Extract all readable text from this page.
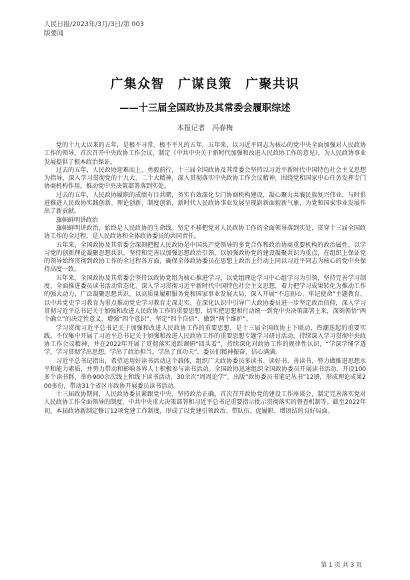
人民日报/2023年/3月/3日/第 003
版要闻
广集众智　广谋良策　广聚共识
——十三届全国政协及其常委会履职综述
本报记者　冯春梅

党的十九大以来的五年，是极不寻常、极不平凡的五年，五年来，以习近平同志为核心的党中央全面加强对人民政协工作的领导，首次召开中央政协工作会议，制定《中共中央关于新时代加强和改进人民政协工作的意见》，为人民政协事业发展提供了根本政治保证。

过去的五年，人民政协迎难而上、勇毅前行，十三届全国政协及其常委会坚持以习近平新时代中国特色社会主义思想为指导，深入学习贯彻党的十九大、二十大精神，深入贯彻落实中央政协工作会议精神，围绕党和国家中心任务发挥专门协商机构作用，推动党中央决策部署落到实处。

过去的五年，人民政协履职的成绩有目共睹，务实有效深化专门协商机构建设，凝心聚力共襄民族复兴伟业，与时俱进推进人民政协实践创新、理论创新、制度创新，新时代人民政协事业发展呈现崭新面貌新气象，为党和国家事业发展作出了新贡献。

旗帜鲜明讲政治

旗帜鲜明讲政治，始终是人民政协的生命线。坚定不移把党对人民政协工作的全面领导落到实处，贯穿十三届全国政协工作的全过程，是人民政协和全体政协委员的共同责任。

五年来，全国政协及其常委会深刻把握人民政协是中国共产党领导的多党合作和政治协商重要机构的政治属性，以学习党的创新理论凝聚思想共识，坚持和完善以加强思想政治引领，以加强政协党的建设凝聚共识为重点，在组织上保证党的领导始终贯彻到政协工作的全过程各方面，确保全体政协委员在思想上政治上行动上同以习近平同志为核心的党中央保持高度一致。

五年来，全国政协及其常委会坚持以政协党组为核心推进学习，以党组理论学习中心组学习为引领，坚持完善学习制度，全面推进委员读书活动常态化，深入学习贯彻习近平新时代中国特色社会主义思想，着力把学习成果转化为推动工作的强大动力，广泛凝聚思想共识，以高质量履职服务党和国家事业发展大局，深入开展“不忘初心、牢记使命”主题教育，以中共党史学习教育为重点推动党史学习教育走深走实，在深化认识中引导广大政协委员进一步坚定政治信仰，深入学习贯彻习近平总书记关于加强和改进人民政协工作的重要思想，切实把思想和行动统一到党中央决策部署上来，深刻领悟“两个确立”的决定性意义，增强“四个意识”、坚定“四个自信”、做到“两个维护”。

学习贯彻习近平总书记关于加强和改进人民政协工作的重要思想，是十三届全国政协上下联动、热潮迭起的重要实践。不仅集中开展了习近平总书记关于加强和改进人民政协工作的重要思想专题学习研讨活动，持续深入学习贯彻中央政协工作会议精神，并在2022年开展了贯彻落实追踪调研“回头看”，持续深化对政协工作的规律性认识，“学深学懂学透学，学习贯彻学出思想，学出了政治担当，学出了真功夫”。委员们精神振奋，信心满满。

习近平总书记指出，希望运用好读书活动这个载体，组织广大政协委员多读书、读好书、善读书，努力做推进思想水平和能力素质，并努力带动和影响各界人士积极参与读书活动。全国政协迅速组织全国政协委员开展读书活动，开设100多个读书群，举办900余次线上和线下读书活动，30余次“周周论学”，出版“政协委员书笔记丛书”12册，形成理论成果200多份，带动31个省区市政协开展委员读书活动。

十三届政协期间，人民政协委员紧跟党中央，坚持政治正确，首次召开政协党的建设工作座谈会，制定完善落实党对人民政协工作全面领导的制度，中共中央重大决策部署和习近平总书记重要指示批示贯彻落实的督查机制等。截至2022年初，本届政协新制定修订12项党建工作制度，形成了以党建引领政治、带队伍、促履职、增团结的良好局面。

第 1 页 共 3 页
